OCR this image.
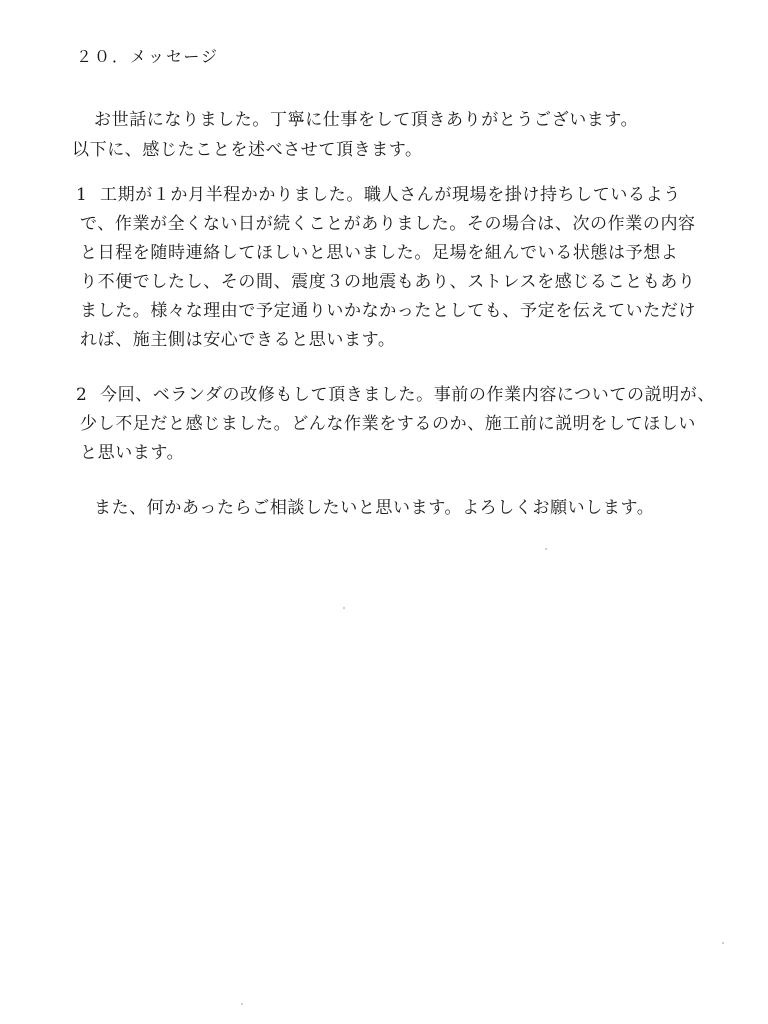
２０．メッセージ
お世話になりました。丁寧に仕事をして頂きありがとうございます。
以下に、感じたことを述べさせて頂きます。
1 工期が１か月半程かかりました。職人さんが現場を掛け持ちしているよう
で、作業が全くない日が続くことがありました。その場合は、次の作業の内容
と日程を随時連絡してほしいと思いました。足場を組んでいる状態は予想よ
り不便でしたし、その間、震度３の地震もあり、ストレスを感じることもあり
ました。様々な理由で予定通りいかなかったとしても、予定を伝えていただけ
れば、施主側は安心できると思います。
2 今回、ベランダの改修もして頂きました。事前の作業内容についての説明が、
少し不足だと感じました。どんな作業をするのか、施工前に説明をしてほしい
と思います。
また、何かあったらご相談したいと思います。よろしくお願いします。
